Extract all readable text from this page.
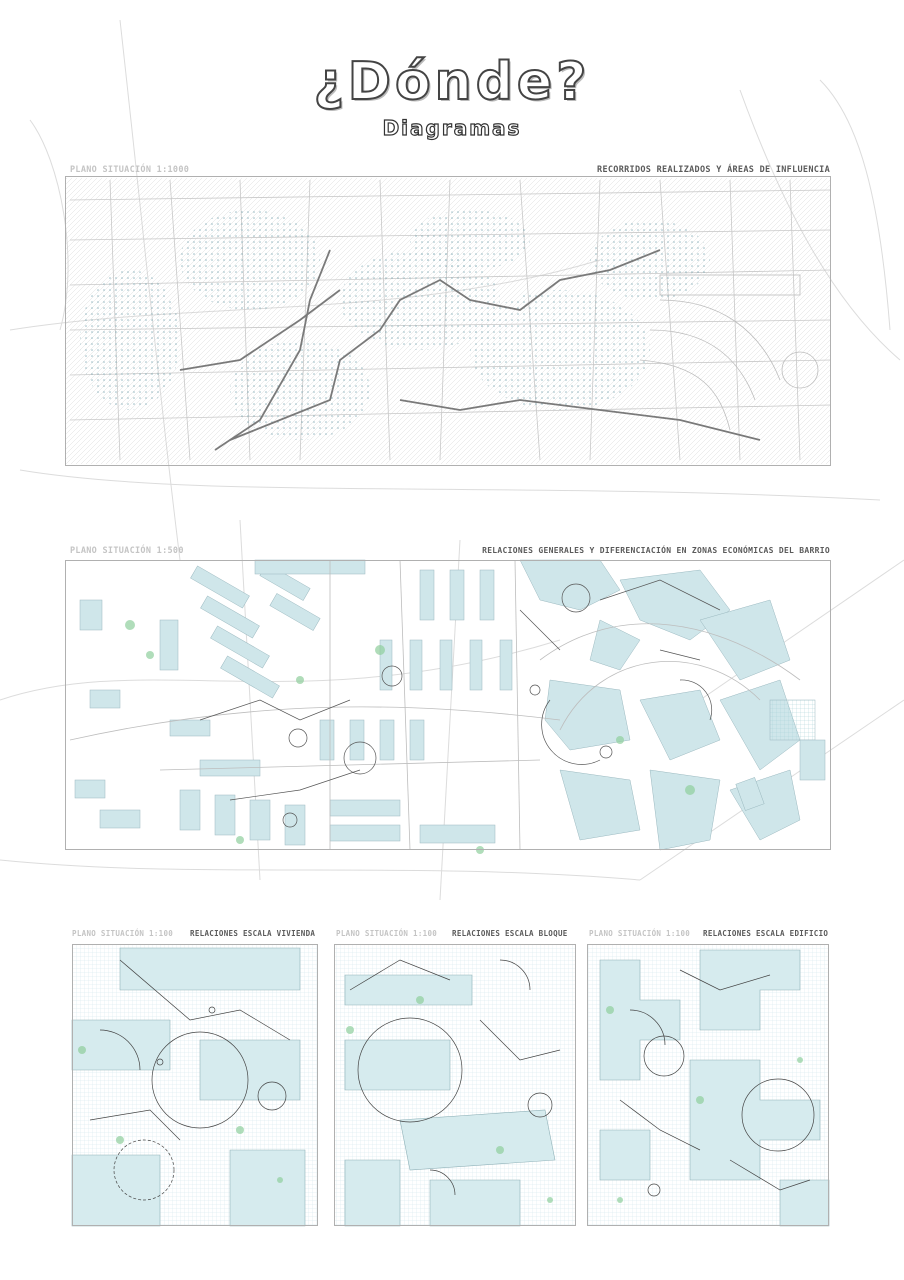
¿Dónde?
Diagramas
PLANO SITUACIÓN 1:1000	RECORRIDOS REALIZADOS Y ÁREAS DE INFLUENCIA
PLANO SITUACIÓN 1:500	RELACIONES GENERALES Y DIFERENCIACIÓN EN ZONAS ECONÓMICAS DEL BARRIO
PLANO SITUACIÓN 1:100 RELACIONES ESCALA VIVIENDA	PLANO SITUACIÓN 1:100 RELACIONES ESCALA BLOQUE	PLANO SITUACIÓN 1:100 RELACIONES ESCALA EDIFICIO
